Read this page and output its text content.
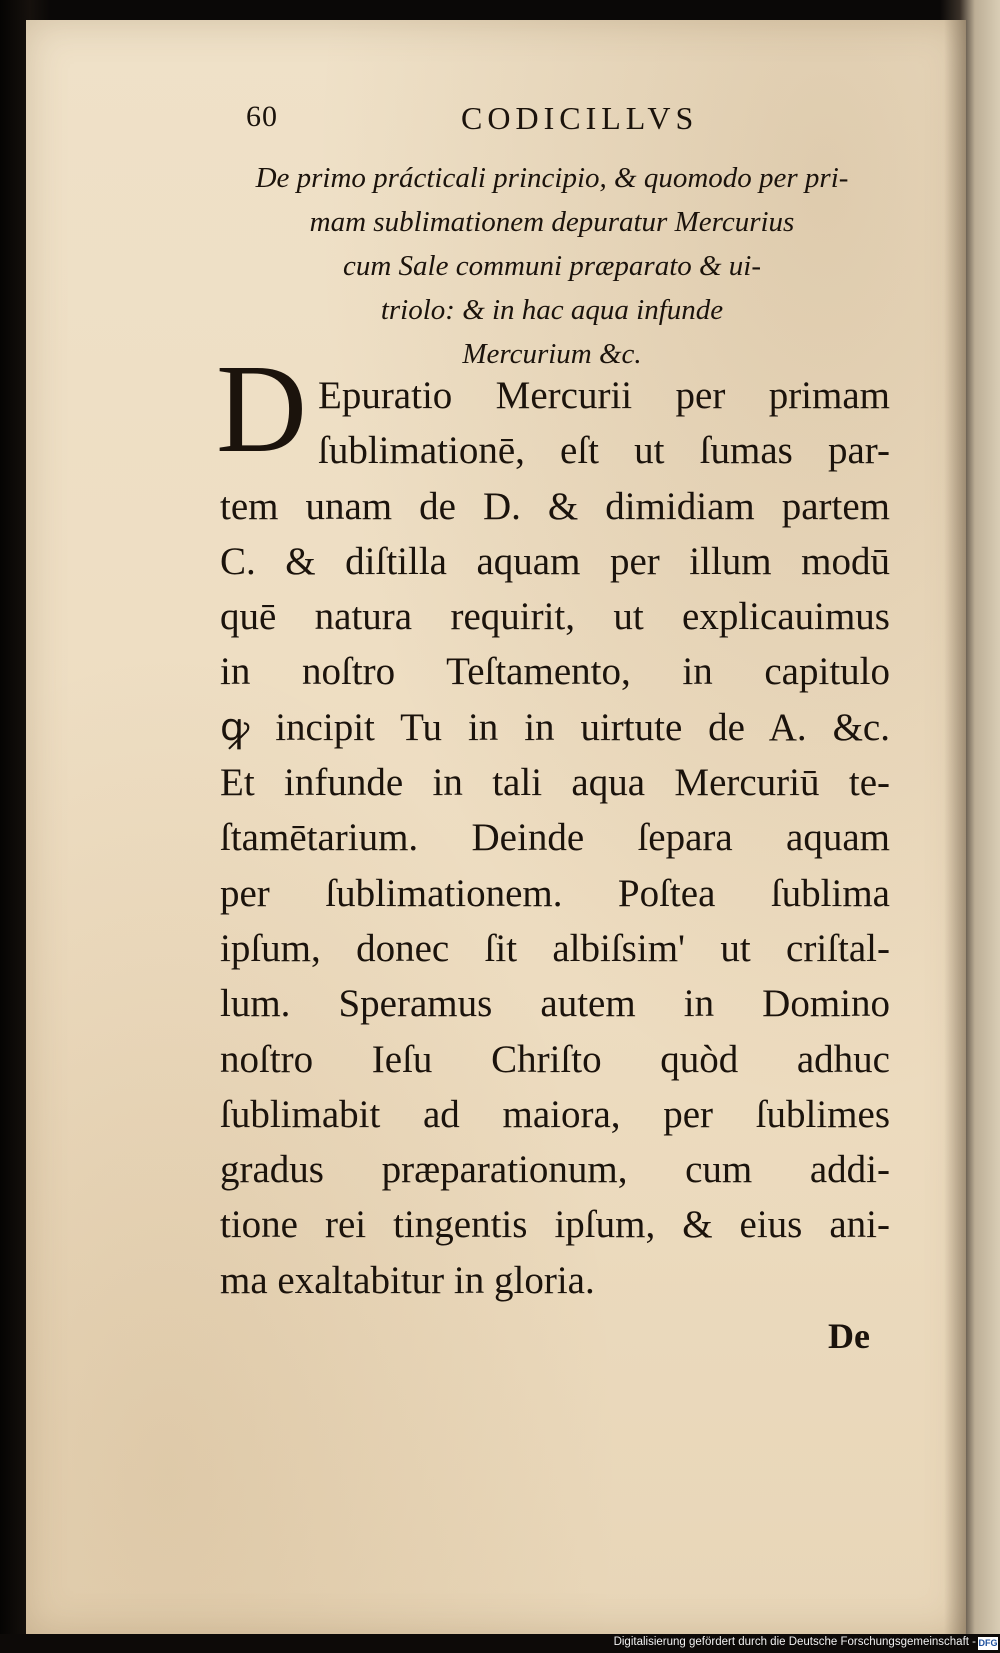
60	CODICILLVS
De primo prácticali principio, & quomodo per pri-
mam sublimationem depuratur Mercurius
cum Sale communi præparato & ui-
triolo: & in hac aqua infunde
Mercurium &c.
D Epuratio Mercurii per primam
ſublimationē, eſt ut ſumas par-
tem unam de D. & dimidiam partem
C. & diſtilla aquam per illum modū
quē natura requirit, ut explicauimus
in noſtro Teſtamento, in capitulo
ꝙ incipit Tu in in uirtute de A. &c.
Et infunde in tali aqua Mercuriū te-
ſtamētarium. Deinde ſepara aquam
per ſublimationem. Poſtea ſublima
ipſum, donec ſit albiſsim' ut criſtal-
lum. Speramus autem in Domino
noſtro Ieſu Chriſto quòd adhuc
ſublimabit ad maiora, per ſublimes
gradus præparationum, cum addi-
tione rei tingentis ipſum, & eius ani-
ma exaltabitur in gloria.
De
Digitalisierung gefördert durch die Deutsche Forschungsgemeinschaft - DFG
